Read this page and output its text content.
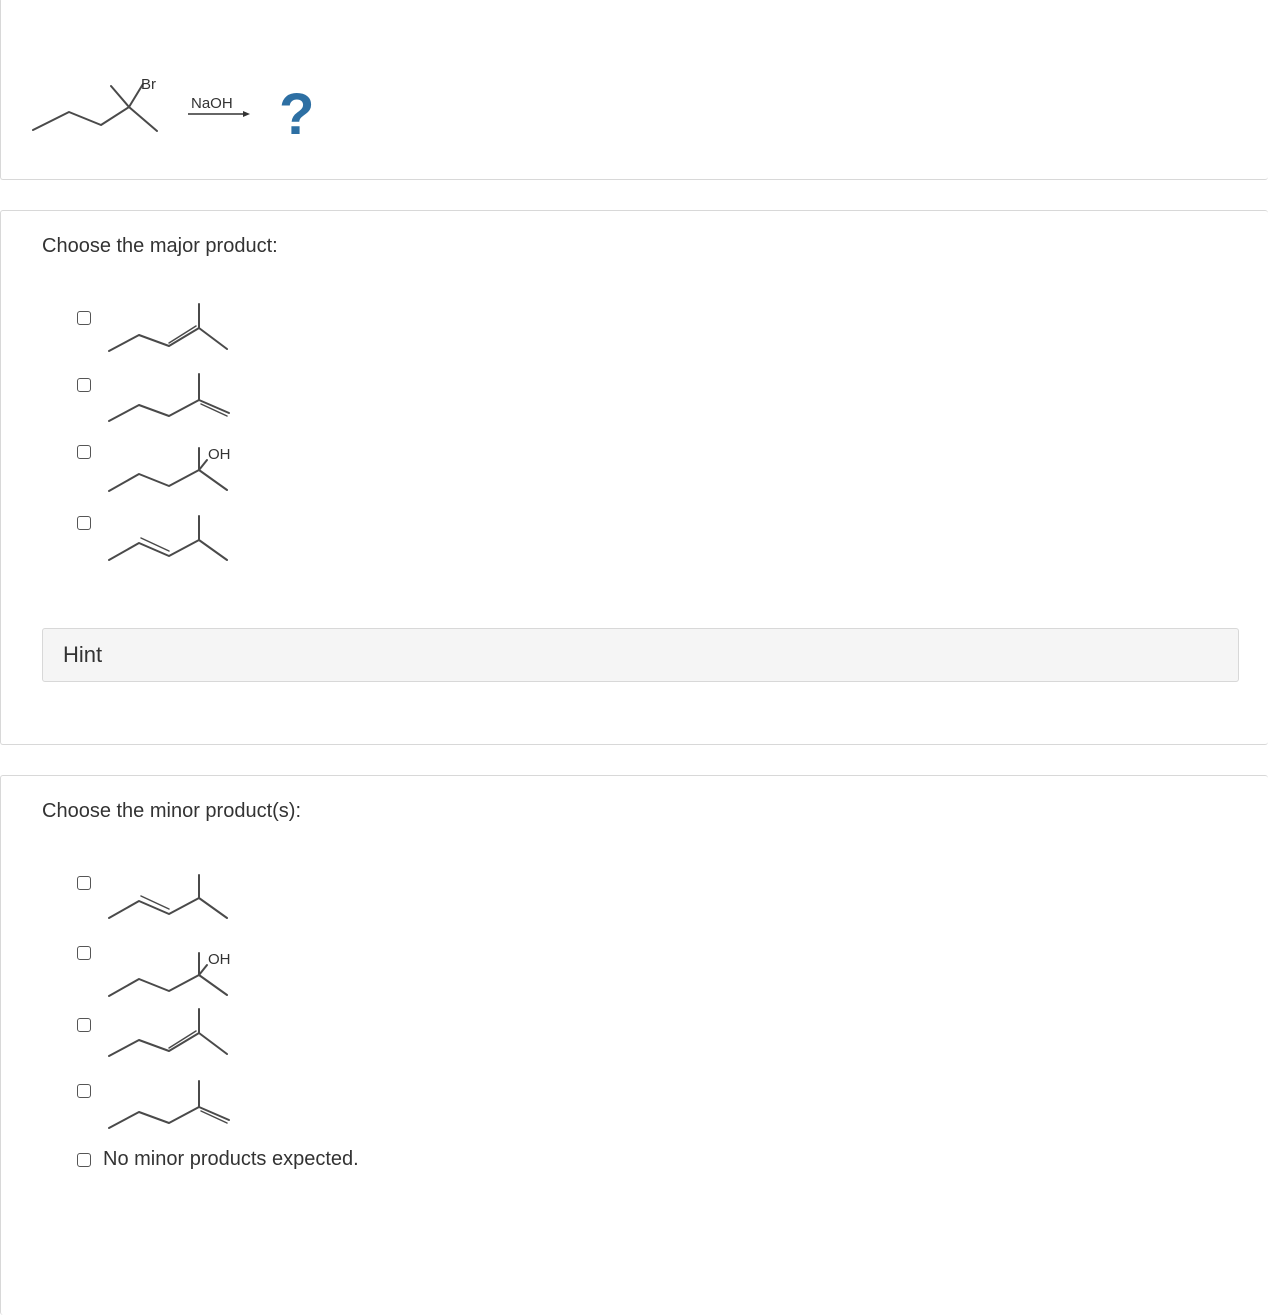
Br
NaOH ?
Choose the major product:
OH
Hint
Choose the minor product(s):
OH
No minor products expected.
